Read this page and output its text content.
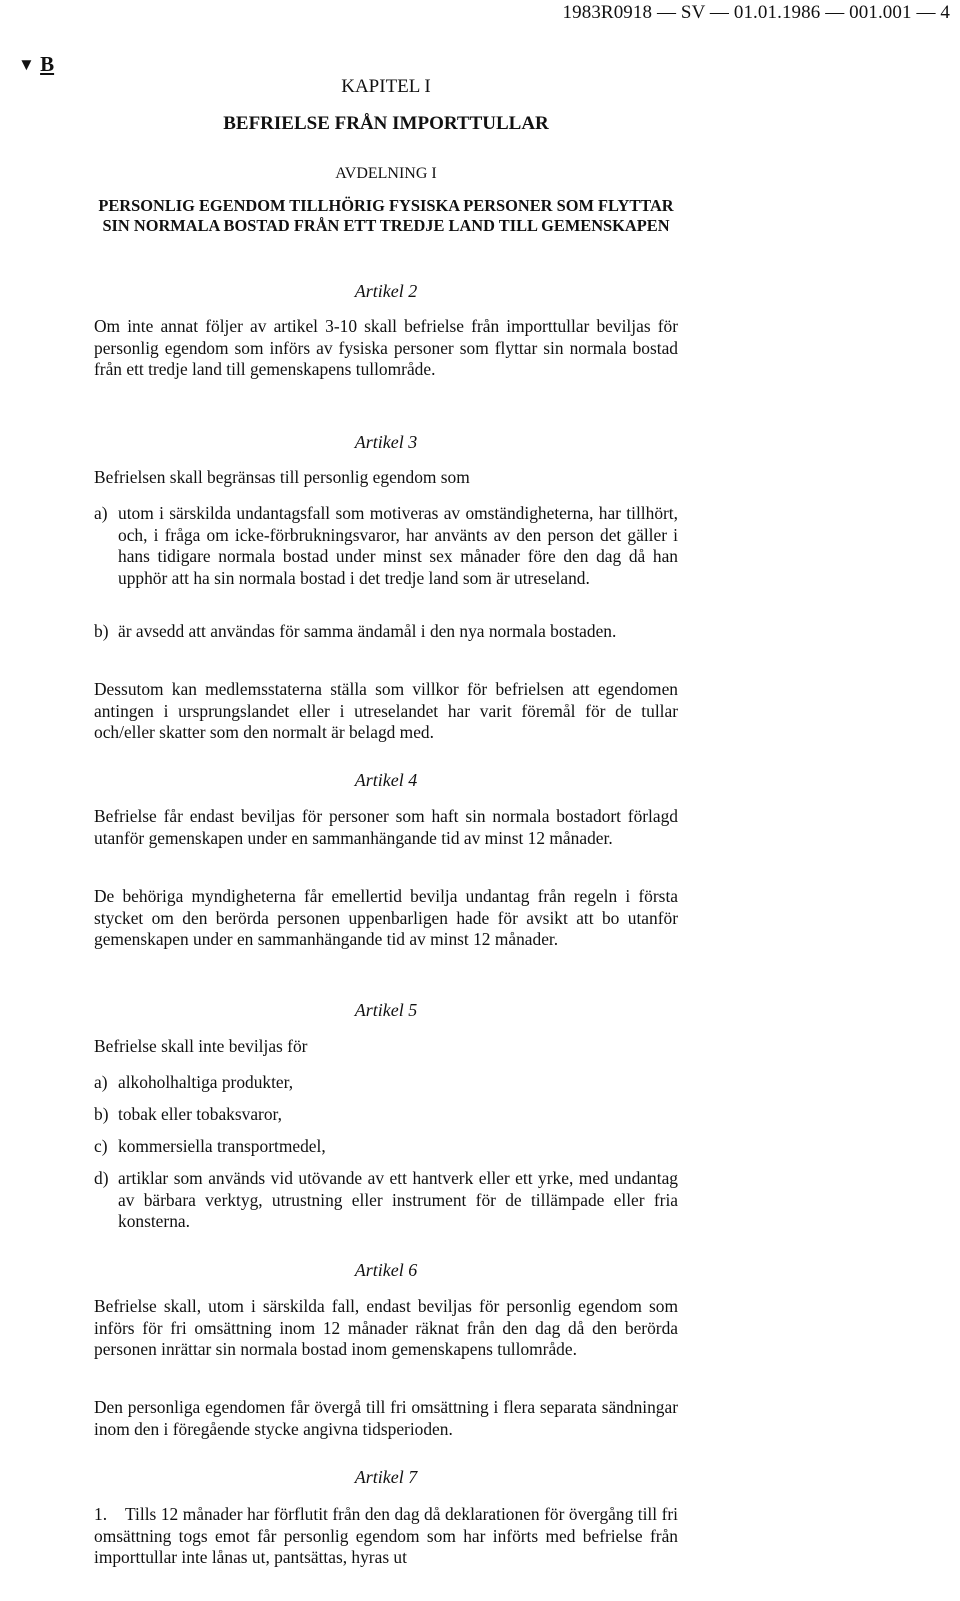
1983R0918 — SV — 01.01.1986 — 001.001 — 4
▼ B
KAPITEL I
BEFRIELSE FRÅN IMPORTTULLAR
AVDELNING I
PERSONLIG EGENDOM TILLHÖRIG FYSISKA PERSONER SOM FLYTTAR SIN NORMALA BOSTAD FRÅN ETT TREDJE LAND TILL GEMENSKAPEN
Artikel 2
Om inte annat följer av artikel 3-10 skall befrielse från importtullar beviljas för personlig egendom som införs av fysiska personer som flyttar sin normala bostad från ett tredje land till gemenskapens tullområde.
Artikel 3
Befrielsen skall begränsas till personlig egendom som
a) utom i särskilda undantagsfall som motiveras av omständigheterna, har tillhört, och, i fråga om icke-förbrukningsvaror, har använts av den person det gäller i hans tidigare normala bostad under minst sex månader före den dag då han upphör att ha sin normala bostad i det tredje land som är utreseland.
b) är avsedd att användas för samma ändamål i den nya normala bostaden.
Dessutom kan medlemsstaterna ställa som villkor för befrielsen att egendomen antingen i ursprungslandet eller i utreselandet har varit föremål för de tullar och/eller skatter som den normalt är belagd med.
Artikel 4
Befrielse får endast beviljas för personer som haft sin normala bostadort förlagd utanför gemenskapen under en sammanhängande tid av minst 12 månader.
De behöriga myndigheterna får emellertid bevilja undantag från regeln i första stycket om den berörda personen uppenbarligen hade för avsikt att bo utanför gemenskapen under en sammanhängande tid av minst 12 månader.
Artikel 5
Befrielse skall inte beviljas för
a) alkoholhaltiga produkter,
b) tobak eller tobaksvaror,
c) kommersiella transportmedel,
d) artiklar som används vid utövande av ett hantverk eller ett yrke, med undantag av bärbara verktyg, utrustning eller instrument för de tillämpade eller fria konsterna.
Artikel 6
Befrielse skall, utom i särskilda fall, endast beviljas för personlig egendom som införs för fri omsättning inom 12 månader räknat från den dag då den berörda personen inrättar sin normala bostad inom gemenskapens tullområde.
Den personliga egendomen får övergå till fri omsättning i flera separata sändningar inom den i föregående stycke angivna tidsperioden.
Artikel 7
1. Tills 12 månader har förflutit från den dag då deklarationen för övergång till fri omsättning togs emot får personlig egendom som har införts med befrielse från importtullar inte lånas ut, pantsättas, hyras ut
